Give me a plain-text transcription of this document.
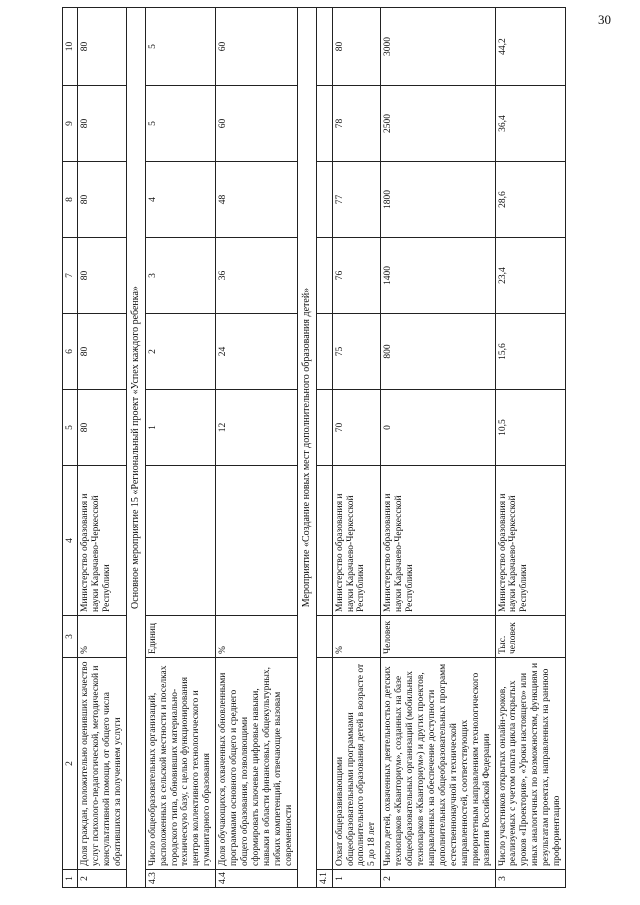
30
1	2	3	4	5	6	7	8	9	10
2	Доля граждан, положительно оценивших качество услуг психолого-педагогической, методической и консультативной помощи, от общего числа обратившихся за получением услуги	%	Министерство образования и науки Карачаево-Черкесской Республики	80	80	80	80	80	80
Основное мероприятие 15 «Региональный проект «Успех каждого ребенка»									
4.3	Число общеобразовательных организаций, расположенных в сельской местности и поселках городского типа, обновивших материально-техническую базу, с целью функционирования центров коллективного технологического и гуманитарного образования	Единиц		1	2	3	4	5	5
4.4	Доля обучающихся, охваченных обновленными программами основного общего и среднего общего образования, позволяющими сформировать ключевые цифровые навыки, навыки в области финансовых, общекультурных, гибких компетенций, отвечающие вызовам современности	%		12	24	36	48	60	60
Мероприятие «Создание новых мест дополнительного образования детей»									
4.1									
1	Охват общеразвивающими общеобразовательными программами дополнительного образования детей в возрасте от 5 до 18 лет	%	Министерство образования и науки Карачаево-Черкесской Республики	70	75	76	77	78	80
2	Число детей, охваченных деятельностью детских технопарков «Кванториум», созданных на базе общеобразовательных организаций (мобильных технопарков «Кванториум») и других проектов, направленных на обеспечение доступности дополнительных общеобразовательных программ естественнонаучной и технической направленностей, соответствующих приоритетным направлениям технологического развития Российской Федерации	Человек	Министерство образования и науки Карачаево-Черкесской Республики	0	800	1400	1800	2500	3000
3	Число участников открытых онлайн-уроков, реализуемых с учетом опыта цикла открытых уроков «Проектория», «Уроки настоящего» или иных аналогичных по возможностям, функциям и результатам проектах, направленных на раннюю профориентацию	Тыс. человек	Министерство образования и науки Карачаево-Черкесской Республики	10,5	15,6	23,4	28,6	36,4	44,2
